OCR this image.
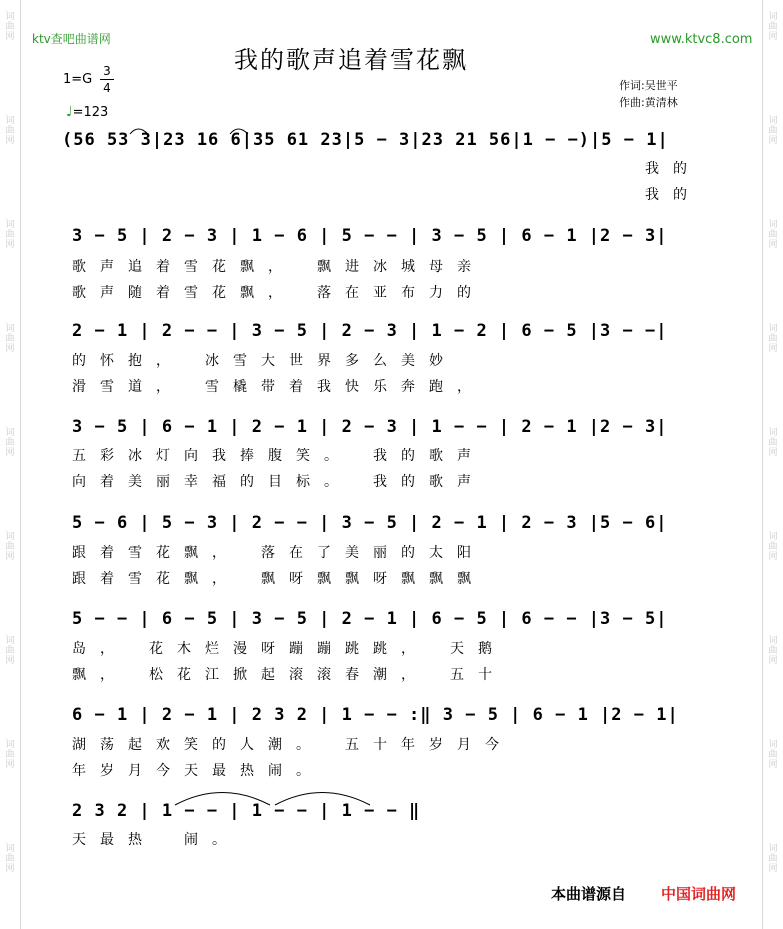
词
曲
网
词
曲
网
词
曲
网
词
曲
网
词
曲
网
词
曲
网
词
曲
网
词
曲
网
词
曲
网
词
曲
网
词
曲
网
词
曲
网
词
曲
网
词
曲
网
词
曲
网
词
曲
网
词
曲
网
词
曲
网
ktv查吧曲谱网	www.ktvc8.com
我的歌声追着雪花飘
1=G
3
4
♩=123
作词:吴世平
作曲:黄清林
(56 53 3|23 16 6|35 61 23|5 − 3|23 21 56|1 − −)|5 − 1|
我的
我的
3 − 5 | 2 − 3 | 1 − 6 | 5 − − | 3 − 5 | 6 − 1 |2 − 3|
歌声追着雪花飘，　飘进冰城母亲
歌声随着雪花飘，　落在亚布力的
2 − 1 | 2 − − | 3 − 5 | 2 − 3 | 1 − 2 | 6 − 5 |3 − −|
的怀抱，　冰雪大世界多么美妙
滑雪道，　雪橇带着我快乐奔跑，
3 − 5 | 6 − 1 | 2 − 1 | 2 − 3 | 1 − − | 2 − 1 |2 − 3|
五彩冰灯向我捧腹笑。　我的歌声
向着美丽幸福的目标。　我的歌声
5 − 6 | 5 − 3 | 2 − − | 3 − 5 | 2 − 1 | 2 − 3 |5 − 6|
跟着雪花飘，　落在了美丽的太阳
跟着雪花飘，　飘呀飘飘呀飘飘飘
5 − − | 6 − 5 | 3 − 5 | 2 − 1 | 6 − 5 | 6 − − |3 − 5|
岛，　花木烂漫呀蹦蹦跳跳，　天鹅
飘，　松花江掀起滚滚春潮，　五十
6 − 1 | 2 − 1 | 2 3 2 | 1 − − :‖ 3 − 5 | 6 − 1 |2 − 1|
湖荡起欢笑的人潮。　五十年岁月今
年岁月今天最热闹。
2 3 2 | 1 − − | 1 − − | 1 − − ‖
天最热　闹。
本曲谱源自 中国词曲网
